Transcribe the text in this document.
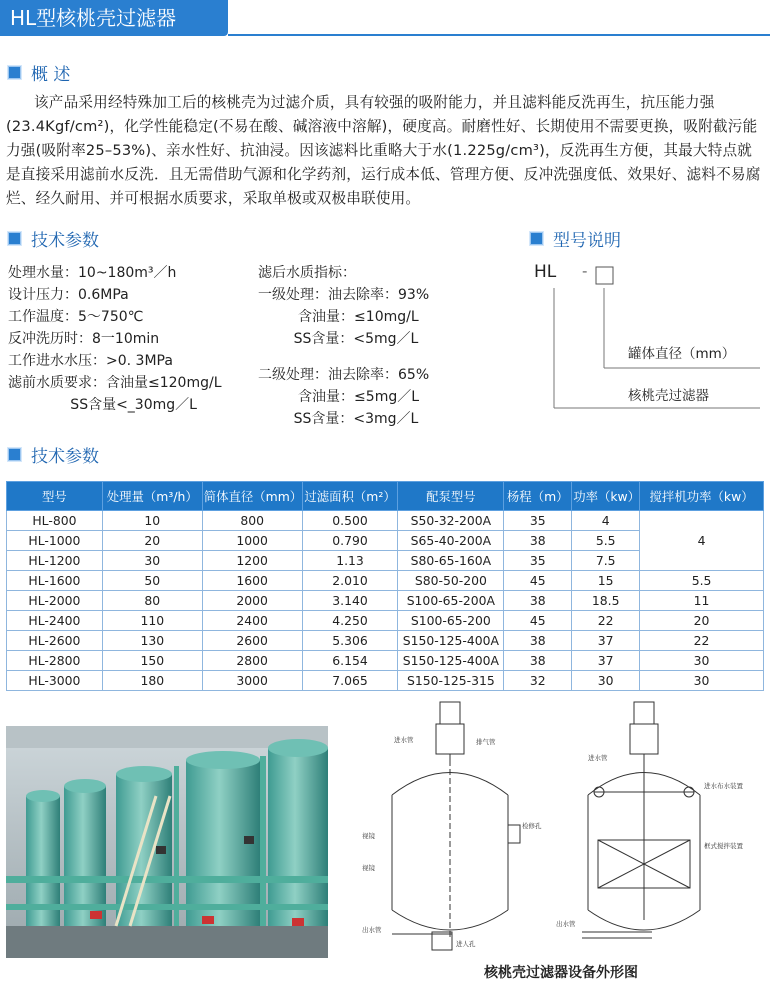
HL型核桃壳过滤器
概 述
该产品采用经特殊加工后的核桃壳为过滤介质，具有较强的吸附能力，并且滤料能反洗再生，抗压能力强(23.4Kgf/cm²)，化学性能稳定(不易在酸、碱溶液中溶解)，硬度高。耐磨性好、长期使用不需要更换，吸附截污能力强(吸附率25–53%)、亲水性好、抗油浸。因该滤料比重略大于水(1.225g/cm³)，反洗再生方便，其最大特点就是直接采用滤前水反洗．且无需借助气源和化学药剂，运行成本低、管理方便、反冲洗强度低、效果好、滤料不易腐烂、经久耐用、并可根据水质要求，采取单极或双极串联使用。
技术参数	型号说明
处理水量：10~180m³／h
设计压力：0.6MPa
工作温度：5～750℃
反冲洗历时：8一10min
工作进水水压：>0. 3MPa
滤前水质要求：含油量≤120mg/L
SS含量<_30mg／L
滤后水质指标：
一级处理：油去除率：93%
含油量：≤10mg/L
SS含量：<5mg／L
二级处理：油去除率：65%
含油量：≤5mg／L
SS含量：<3mg／L
HL -
罐体直径（mm）
核桃壳过滤器
技术参数
型号	处理量（m³/h）	简体直径（mm）	过滤面积（m²）	配泵型号	杨程（m）	功率（kw）	搅拌机功率（kw）
HL-800	10	800	0.500	S50-32-200A	35	4	4
HL-1000	20	1000	0.790	S65-40-200A	38	5.5	
HL-1200	30	1200	1.13	S80-65-160A	35	7.5	
HL-1600	50	1600	2.010	S80-50-200	45	15	5.5
HL-2000	80	2000	3.140	S100-65-200A	38	18.5	11
HL-2400	110	2400	4.250	S100-65-200	45	22	20
HL-2600	130	2600	5.306	S150-125-400A	38	37	22
HL-2800	150	2800	6.154	S150-125-400A	38	37	30
HL-3000	180	3000	7.065	S150-125-315	32	30	30
进水管	排气管
检修孔
视镜
视镜
出水管
进人孔
进水管
进水布水装置
框式搅拌装置
出水管
核桃壳过滤器设备外形图
